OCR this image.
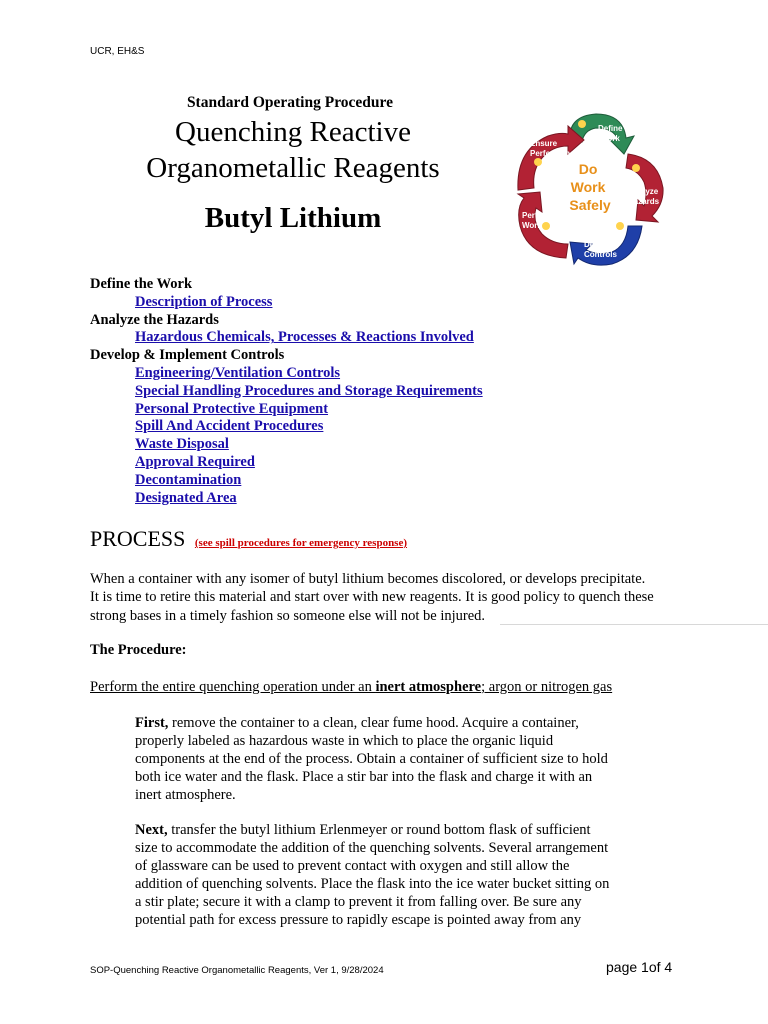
UCR, EH&S
Standard Operating Procedure
Quenching Reactive
Organometallic Reagents
Butyl Lithium
Define Work Analyze Hazards Develop Controls Perform Work Ensure Performance
Do Work Safely
Define the Work
Description of Process
Analyze the Hazards
Hazardous Chemicals, Processes & Reactions Involved
Develop & Implement Controls
Engineering/Ventilation Controls
Special Handling Procedures and Storage Requirements
Personal Protective Equipment
Spill And Accident Procedures
Waste Disposal
Approval Required
Decontamination
Designated Area
PROCESS (see spill procedures for emergency response)
When a container with any isomer of butyl lithium becomes discolored, or develops precipitate.
It is time to retire this material and start over with new reagents. It is good policy to quench these
strong bases in a timely fashion so someone else will not be injured.
The Procedure:
Perform the entire quenching operation under an inert atmosphere; argon or nitrogen gas
First, remove the container to a clean, clear fume hood. Acquire a container,
properly labeled as hazardous waste in which to place the organic liquid
components at the end of the process. Obtain a container of sufficient size to hold
both ice water and the flask. Place a stir bar into the flask and charge it with an
inert atmosphere.
Next, transfer the butyl lithium Erlenmeyer or round bottom flask of sufficient
size to accommodate the addition of the quenching solvents. Several arrangement
of glassware can be used to prevent contact with oxygen and still allow the
addition of quenching solvents. Place the flask into the ice water bucket sitting on
a stir plate; secure it with a clamp to prevent it from falling over. Be sure any
potential path for excess pressure to rapidly escape is pointed away from any
SOP-Quenching Reactive Organometallic Reagents, Ver 1, 9/28/2024	page 1of 4
